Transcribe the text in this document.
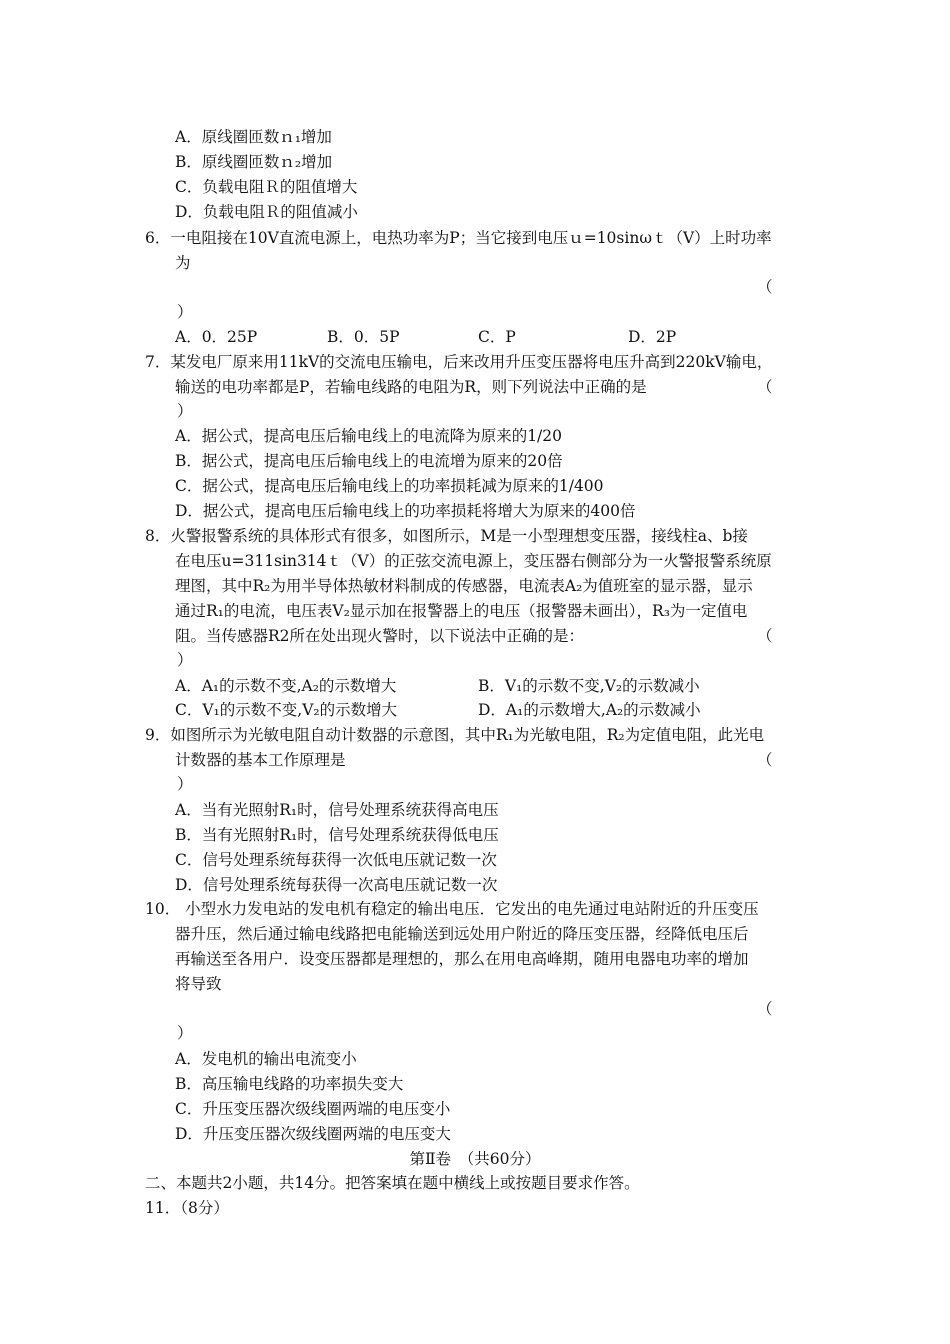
A．原线圈匝数ｎ₁增加
B．原线圈匝数ｎ₂增加
C．负载电阻Ｒ的阻值增大
D．负载电阻Ｒ的阻值减小
6．一电阻接在10V直流电源上，电热功率为P；当它接到电压ｕ=10sinωｔ（V）上时功率
为
（
）
A．0．25P	B．0．5P	C．P	D．2P
7．某发电厂原来用11kV的交流电压输电，后来改用升压变压器将电压升高到220kV输电，
输送的电功率都是P，若输电线路的电阻为R，则下列说法中正确的是	（
）
A．据公式，提高电压后输电线上的电流降为原来的1/20
B．据公式，提高电压后输电线上的电流增为原来的20倍
C．据公式，提高电压后输电线上的功率损耗减为原来的1/400
D．据公式，提高电压后输电线上的功率损耗将增大为原来的400倍
8．火警报警系统的具体形式有很多，如图所示，M是一小型理想变压器，接线柱a、b接
在电压u=311sin314ｔ（V）的正弦交流电源上，变压器右侧部分为一火警报警系统原
理图，其中R₂为用半导体热敏材料制成的传感器，电流表A₂为值班室的显示器，显示
通过R₁的电流，电压表V₂显示加在报警器上的电压（报警器未画出），R₃为一定值电
阻。当传感器R2所在处出现火警时，以下说法中正确的是：	（
）
A．A₁的示数不变,A₂的示数增大	B．V₁的示数不变,V₂的示数减小
C．V₁的示数不变,V₂的示数增大	D．A₁的示数增大,A₂的示数减小
9．如图所示为光敏电阻自动计数器的示意图，其中R₁为光敏电阻，R₂为定值电阻，此光电
计数器的基本工作原理是	（
）
A．当有光照射R₁时，信号处理系统获得高电压
B．当有光照射R₁时，信号处理系统获得低电压
C．信号处理系统每获得一次低电压就记数一次
D．信号处理系统每获得一次高电压就记数一次
10． 小型水力发电站的发电机有稳定的输出电压．它发出的电先通过电站附近的升压变压
器升压，然后通过输电线路把电能输送到远处用户附近的降压变压器，经降低电压后
再输送至各用户．设变压器都是理想的，那么在用电高峰期，随用电器电功率的增加
将导致
（
）
A．发电机的输出电流变小
B．高压输电线路的功率损失变大
C．升压变压器次级线圈两端的电压变小
D．升压变压器次级线圈两端的电压变大
第Ⅱ卷　（共60分）
二、本题共2小题，共14分。把答案填在题中横线上或按题目要求作答。
11．（8分）
